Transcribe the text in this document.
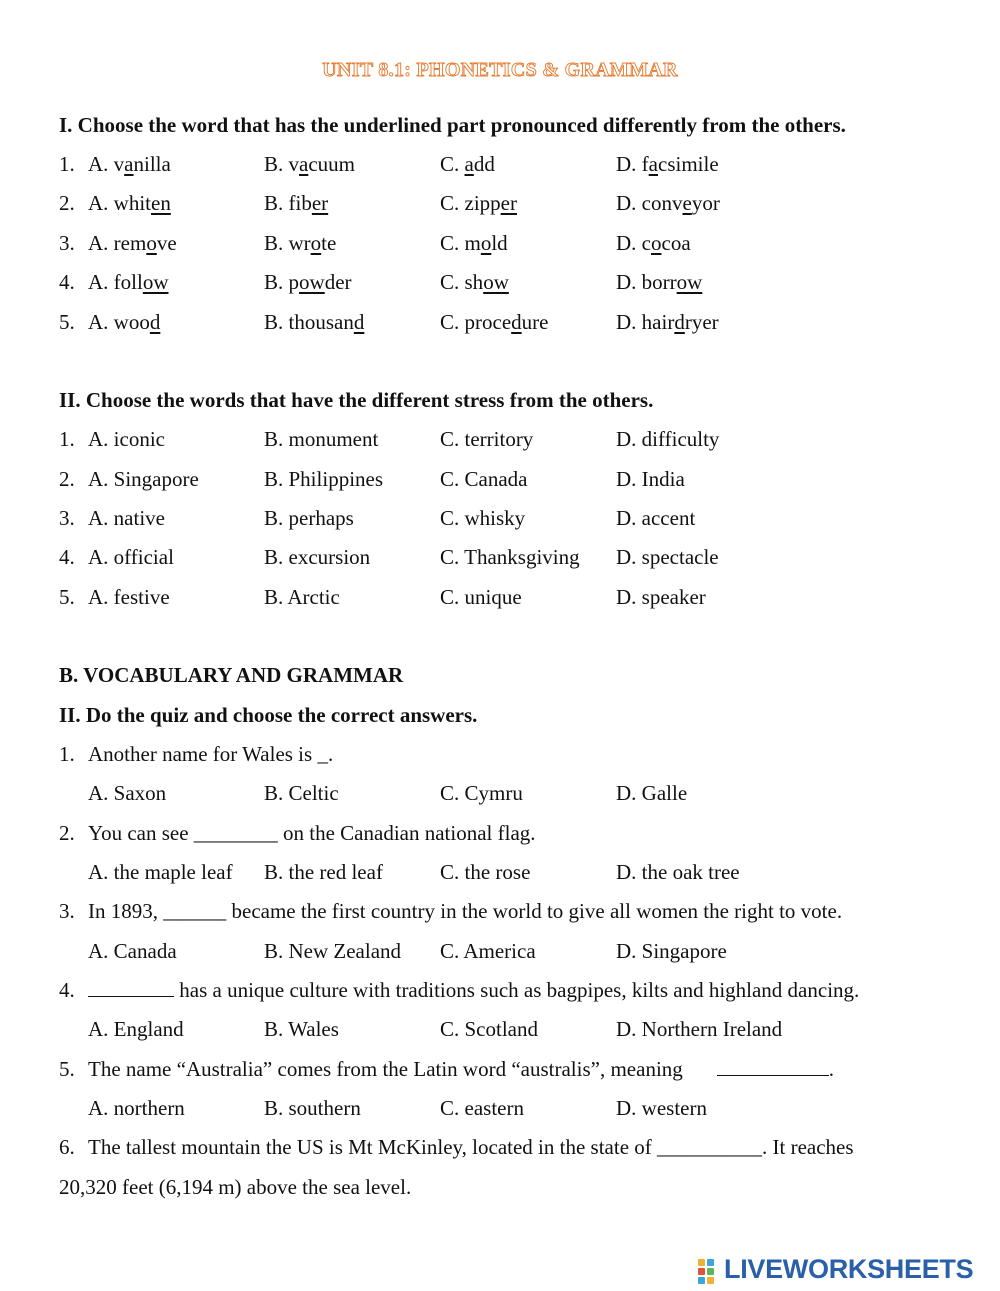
UNIT 8.1: PHONETICS & GRAMMAR
I. Choose the word that has the underlined part pronounced differently from the others.
1. A. vanilla	B. vacuum	C. add	D. facsimile
2. A. whiten	B. fiber	C. zipper	D. conveyor
3. A. remove	B. wrote	C. mold	D. cocoa
4. A. follow	B. powder	C. show	D. borrow
5. A. wood	B. thousand	C. procedure	D. hairdryer
II. Choose the words that have the different stress from the others.
1. A. iconic	B. monument	C. territory	D. difficulty
2. A. Singapore	B. Philippines	C. Canada	D. India
3. A. native	B. perhaps	C. whisky	D. accent
4. A. official	B. excursion	C. Thanksgiving D. spectacle
5. A. festive	B. Arctic	C. unique	D. speaker
B. VOCABULARY AND GRAMMAR
II. Do the quiz and choose the correct answers.
1. Another name for Wales is _.
A. Saxon	B. Celtic	C. Cymru	D. Galle
2. You can see ________ on the Canadian national flag.
A. the maple leaf B. the red leaf	C. the rose	D. the oak tree
3. In 1893, ______ became the first country in the world to give all women the right to vote.
A. Canada	B. New Zealand C. America	D. Singapore
4.	has a unique culture with traditions such as bagpipes, kilts and highland dancing.
A. England	B. Wales	C. Scotland	D. Northern Ireland
5. The name “Australia” comes from the Latin word “australis”, meaning	.
A. northern	B. southern	C. eastern	D. western
6. The tallest mountain the US is Mt McKinley, located in the state of __________. It reaches
20,320 feet (6,194 m) above the sea level.
LIVEWORKSHEETS
